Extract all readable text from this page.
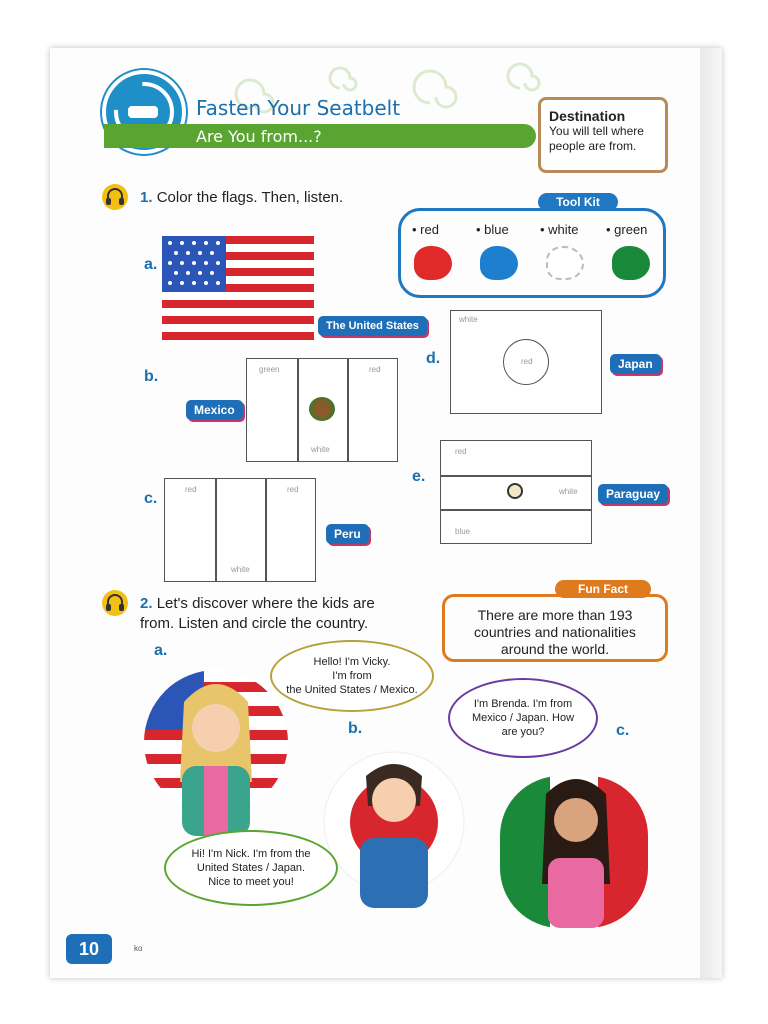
Fasten Your Seatbelt
Are You from...?
Destination
You will tell where people are from.
1. Color the flags. Then, listen.	Tool Kit
• red	• blue • white • green
a.
The United States
b.
Mexico
green	red
white
c.
red	red
white
Peru
d.
white
red	Japan
e.
red
white
blue
Paraguay
2. Let's discover where the kids are
from. Listen and circle the country.	There are more than 193
countries and nationalities
around the world.
Fun Fact
a.
Hello! I'm Vicky.
I'm from
the United States / Mexico.
b.
Hi! I'm Nick. I'm from the
United States / Japan.
Nice to meet you!
I'm Brenda. I'm from
Mexico / Japan. How
are you?	c.
10	ko
